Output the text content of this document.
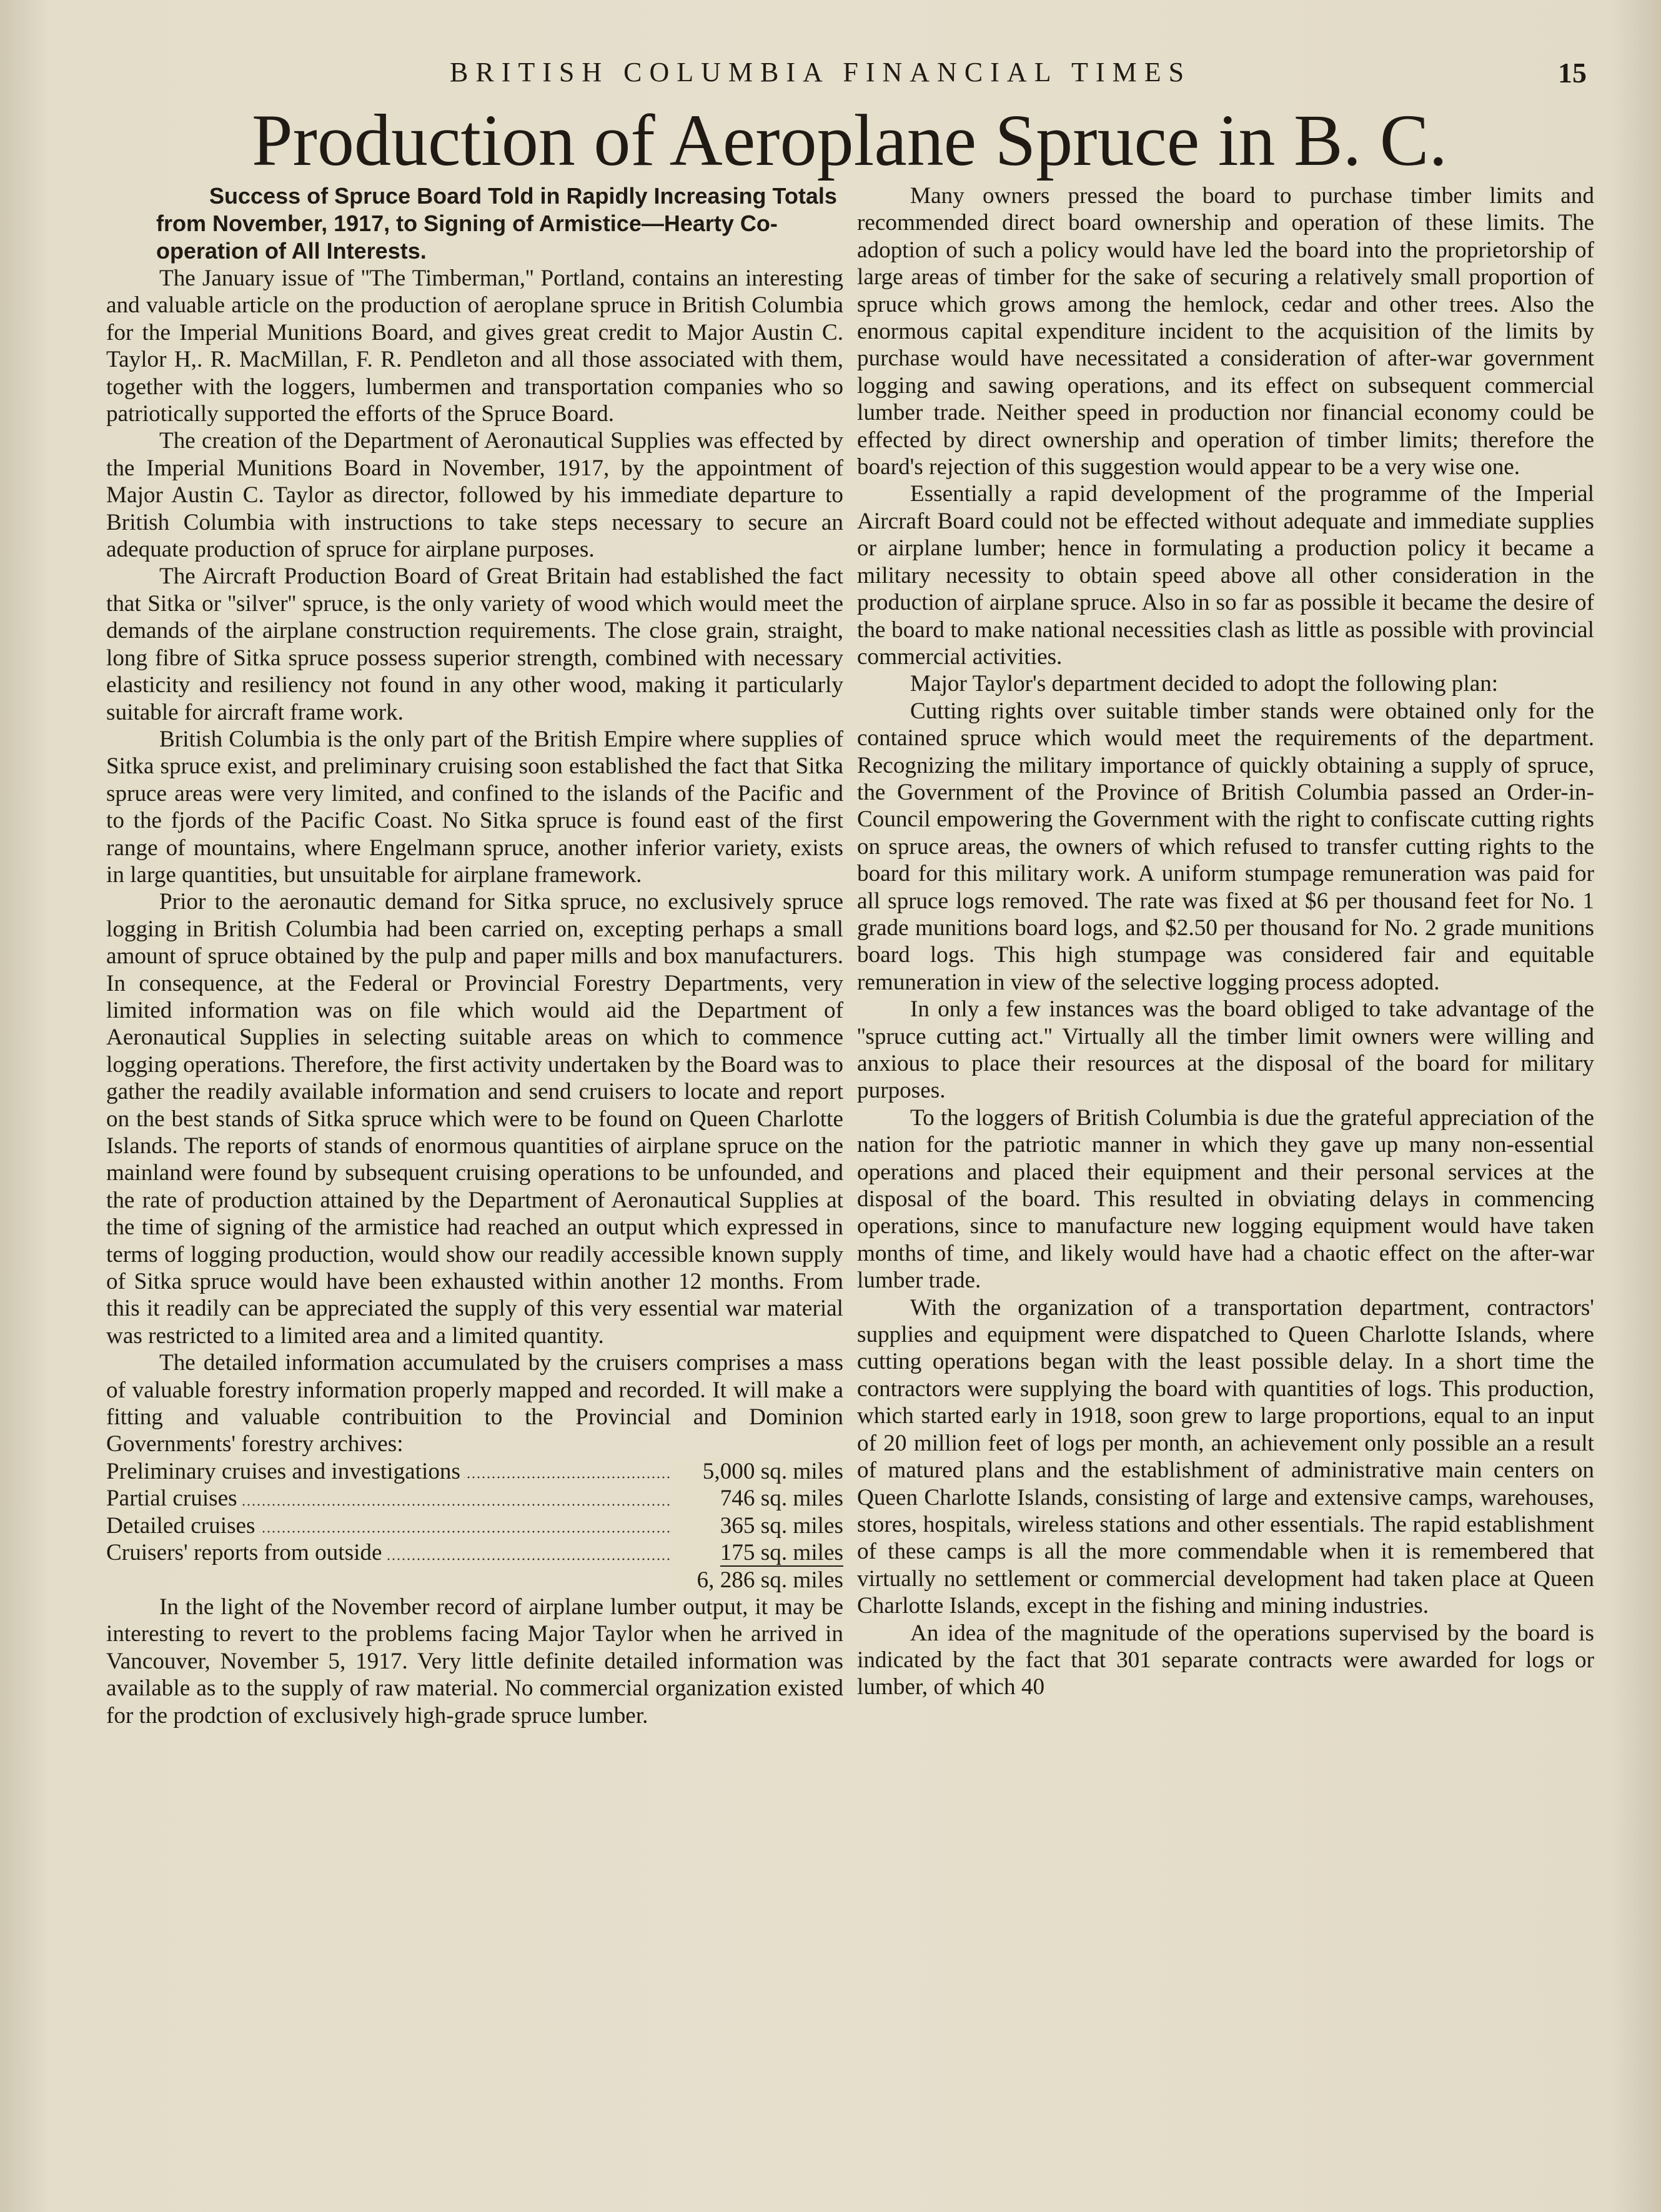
BRITISH COLUMBIA FINANCIAL TIMES	15
Production of Aeroplane Spruce in B. C.

Success of Spruce Board Told in Rapidly Increasing Totals from November, 1917, to Signing of Armistice—Hearty Co-operation of All Interests.

The January issue of ''The Timberman,'' Portland, contains an interesting and valuable article on the production of aeroplane spruce in British Columbia for the Imperial Munitions Board, and gives great credit to Major Austin C. Taylor H,. R. MacMillan, F. R. Pendleton and all those associated with them, together with the loggers, lumbermen and transportation companies who so patriotically supported the efforts of the Spruce Board.

The creation of the Department of Aeronautical Supplies was effected by the Imperial Munitions Board in November, 1917, by the appointment of Major Austin C. Taylor as director, followed by his immediate departure to British Columbia with instructions to take steps necessary to secure an adequate production of spruce for airplane purposes.

The Aircraft Production Board of Great Britain had established the fact that Sitka or ''silver'' spruce, is the only variety of wood which would meet the demands of the airplane construction requirements. The close grain, straight, long fibre of Sitka spruce possess superior strength, combined with necessary elasticity and resiliency not found in any other wood, making it particularly suitable for aircraft frame work.

British Columbia is the only part of the British Empire where supplies of Sitka spruce exist, and preliminary cruising soon established the fact that Sitka spruce areas were very limited, and confined to the islands of the Pacific and to the fjords of the Pacific Coast. No Sitka spruce is found east of the first range of mountains, where Engelmann spruce, another inferior variety, exists in large quantities, but unsuitable for airplane framework.

Prior to the aeronautic demand for Sitka spruce, no exclusively spruce logging in British Columbia had been carried on, excepting perhaps a small amount of spruce obtained by the pulp and paper mills and box manufacturers. In consequence, at the Federal or Provincial Forestry Departments, very limited information was on file which would aid the Department of Aeronautical Supplies in selecting suitable areas on which to commence logging operations. Therefore, the first activity undertaken by the Board was to gather the readily available information and send cruisers to locate and report on the best stands of Sitka spruce which were to be found on Queen Charlotte Islands. The reports of stands of enormous quantities of airplane spruce on the mainland were found by subsequent cruising operations to be unfounded, and the rate of production attained by the Department of Aeronautical Supplies at the time of signing of the armistice had reached an output which expressed in terms of logging production, would show our readily accessible known supply of Sitka spruce would have been exhausted within another 12 months. From this it readily can be appreciated the supply of this very essential war material was restricted to a limited area and a limited quantity.

The detailed information accumulated by the cruisers comprises a mass of valuable forestry information properly mapped and recorded. It will make a fitting and valuable contribuition to the Provincial and Dominion Governments' forestry archives:

Preliminary cruises and investigations	5,000 sq. miles
Partial cruises	746 sq. miles
Detailed cruises	365 sq. miles
Cruisers' reports from outside	175 sq. miles
	6, 286 sq. miles

In the light of the November record of airplane lumber output, it may be interesting to revert to the problems facing Major Taylor when he arrived in Vancouver, November 5, 1917. Very little definite detailed information was available as to the supply of raw material. No commercial organization existed for the prodction of exclusively high-grade spruce lumber.

Many owners pressed the board to purchase timber limits and recommended direct board ownership and operation of these limits. The adoption of such a policy would have led the board into the proprietorship of large areas of timber for the sake of securing a relatively small proportion of spruce which grows among the hemlock, cedar and other trees. Also the enormous capital expenditure incident to the acquisition of the limits by purchase would have necessitated a consideration of after-war government logging and sawing operations, and its effect on subsequent commercial lumber trade. Neither speed in production nor financial economy could be effected by direct ownership and operation of timber limits; therefore the board's rejection of this suggestion would appear to be a very wise one.

Essentially a rapid development of the programme of the Imperial Aircraft Board could not be effected without adequate and immediate supplies or airplane lumber; hence in formulating a production policy it became a military necessity to obtain speed above all other consideration in the production of airplane spruce. Also in so far as possible it became the desire of the board to make national necessities clash as little as possible with provincial commercial activities.

Major Taylor's department decided to adopt the following plan:

Cutting rights over suitable timber stands were obtained only for the contained spruce which would meet the requirements of the department. Recognizing the military importance of quickly obtaining a supply of spruce, the Government of the Province of British Columbia passed an Order-in-Council empowering the Government with the right to confiscate cutting rights on spruce areas, the owners of which refused to transfer cutting rights to the board for this military work. A uniform stumpage remuneration was paid for all spruce logs removed. The rate was fixed at $6 per thousand feet for No. 1 grade munitions board logs, and $2.50 per thousand for No. 2 grade munitions board logs. This high stumpage was considered fair and equitable remuneration in view of the selective logging process adopted.

In only a few instances was the board obliged to take advantage of the ''spruce cutting act.'' Virtually all the timber limit owners were willing and anxious to place their resources at the disposal of the board for military purposes.

To the loggers of British Columbia is due the grateful appreciation of the nation for the patriotic manner in which they gave up many non-essential operations and placed their equipment and their personal services at the disposal of the board. This resulted in obviating delays in commencing operations, since to manufacture new logging equipment would have taken months of time, and likely would have had a chaotic effect on the after-war lumber trade.

With the organization of a transportation department, contractors' supplies and equipment were dispatched to Queen Charlotte Islands, where cutting operations began with the least possible delay. In a short time the contractors were supplying the board with quantities of logs. This production, which started early in 1918, soon grew to large proportions, equal to an input of 20 million feet of logs per month, an achievement only possible an a result of matured plans and the establishment of administrative main centers on Queen Charlotte Islands, consisting of large and extensive camps, warehouses, stores, hospitals, wireless stations and other essentials. The rapid establishment of these camps is all the more commendable when it is remembered that virtually no settlement or commercial development had taken place at Queen Charlotte Islands, except in the fishing and mining industries.

An idea of the magnitude of the operations supervised by the board is indicated by the fact that 301 separate contracts were awarded for logs or lumber, of which 40
